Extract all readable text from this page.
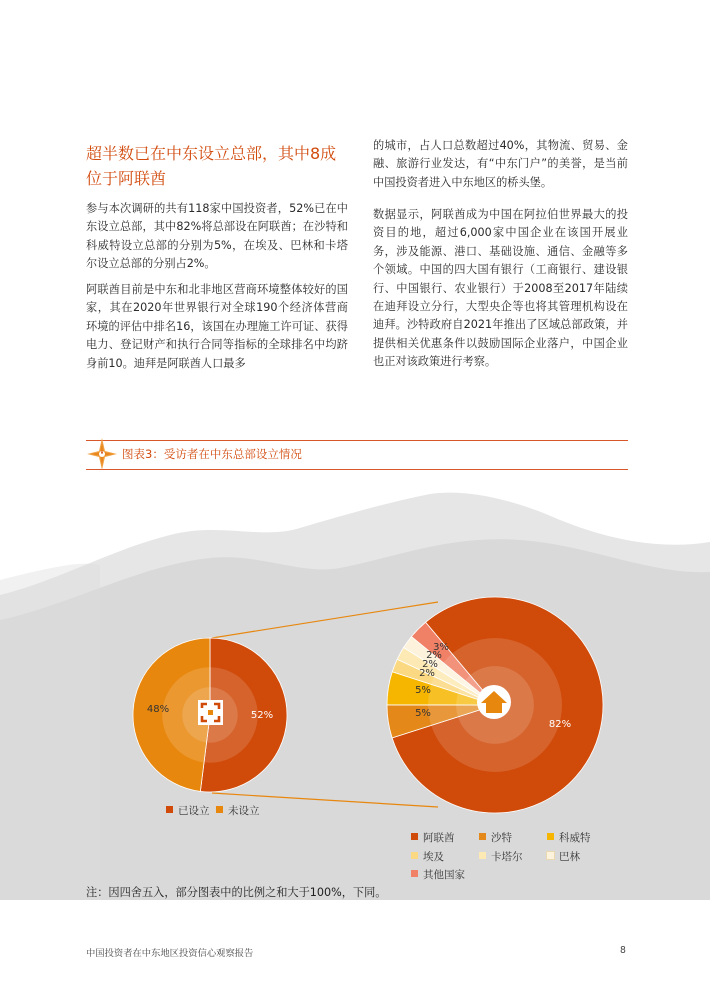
超半数已在中东设立总部，其中8成位于阿联酋

参与本次调研的共有118家中国投资者，52%已在中东设立总部，其中82%将总部设在阿联酋；在沙特和科威特设立总部的分别为5%，在埃及、巴林和卡塔尔设立总部的分别占2%。

阿联酋目前是中东和北非地区营商环境整体较好的国家，其在2020年世界银行对全球190个经济体营商环境的评估中排名16，该国在办理施工许可证、获得电力、登记财产和执行合同等指标的全球排名中均跻身前10。迪拜是阿联酋人口最多

的城市，占人口总数超过40%，其物流、贸易、金融、旅游行业发达，有“中东门户”的美誉，是当前中国投资者进入中东地区的桥头堡。

数据显示，阿联酋成为中国在阿拉伯世界最大的投资目的地，超过6,000家中国企业在该国开展业务，涉及能源、港口、基础设施、通信、金融等多个领域。中国的四大国有银行（工商银行、建设银行、中国银行、农业银行）于2008至2017年陆续在迪拜设立分行，大型央企等也将其管理机构设在迪拜。沙特政府自2021年推出了区域总部政策，并提供相关优惠条件以鼓励国际企业落户，中国企业也正对该政策进行考察。

图表3：受访者在中东总部设立情况
52%
48%
82%
5%
5%
2%
2%
2%
3%
已设立	未设立
阿联酋	沙特	科威特
埃及	卡塔尔	巴林
其他国家
注：因四舍五入，部分图表中的比例之和大于100%，下同。
中国投资者在中东地区投资信心观察报告	8
